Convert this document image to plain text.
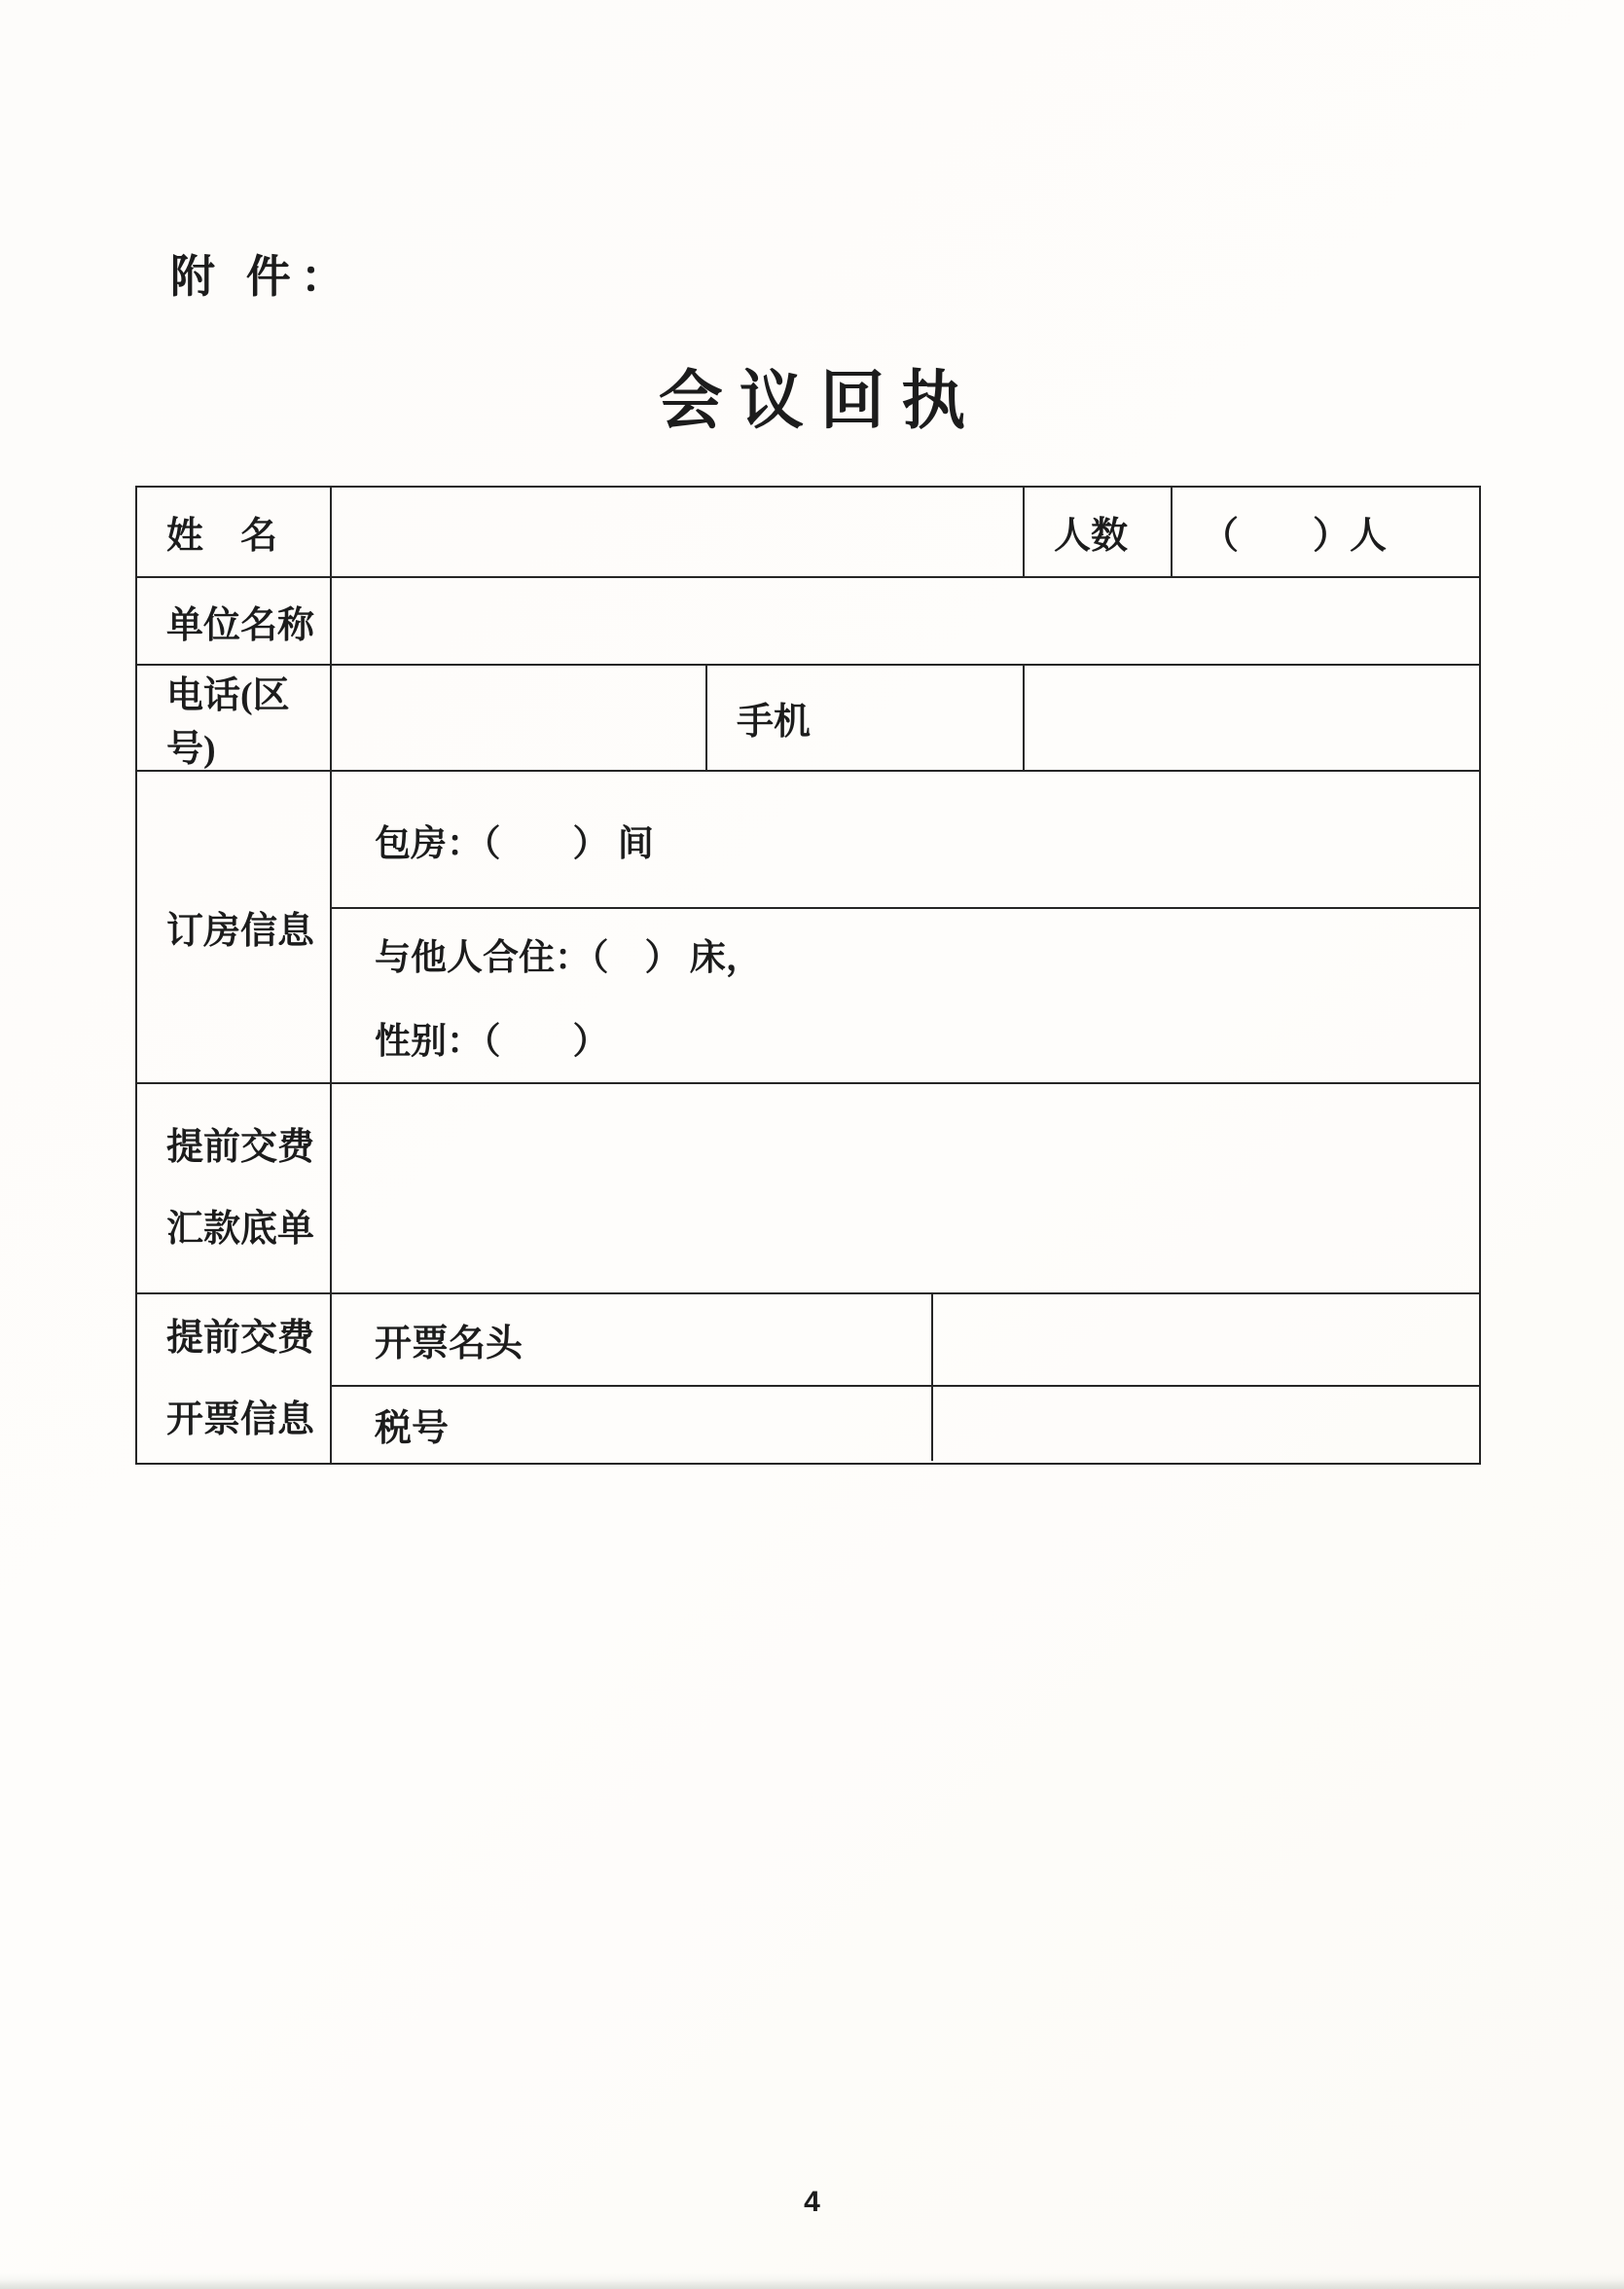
附 件：
会议回执
姓　名	人数	（　　）人
单位名称
电话(区号)
手机
订房信息
包房：（　　） 间
与他人合住：（　） 床，
性别：（　　）
提前交费
汇款底单
提前交费
开票信息
开票名头
税号
4
